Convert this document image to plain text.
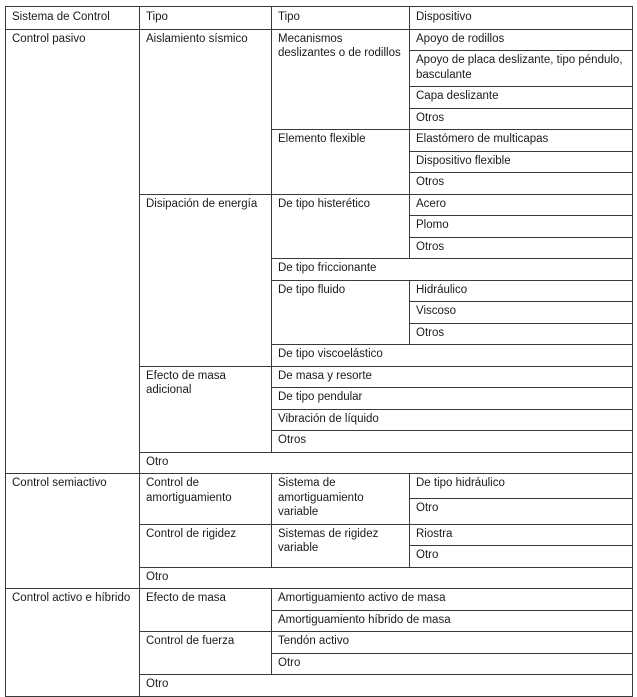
Sistema de Control	Tipo	Tipo	Dispositivo
Control pasivo	Aislamiento sísmico	Mecanismos deslizantes o de rodillos	Apoyo de rodillos
			Apoyo de placa deslizante, tipo péndulo, basculante
			Capa deslizante
			Otros
		Elemento flexible	Elastómero de multicapas
			Dispositivo flexible
			Otros
	Disipación de energía	De tipo histerético	Acero
			Plomo
			Otros
		De tipo friccionante	
		De tipo fluido	Hidráulico
			Viscoso
			Otros
		De tipo viscoelástico	
	Efecto de masa adicional	De masa y resorte	
		De tipo pendular	
		Vibración de líquido	
		Otros	
	Otro		
Control semiactivo	Control de amortiguamiento	Sistema de amortiguamiento variable	De tipo hidráulico
			Otro
	Control de rigidez	Sistemas de rigidez variable	Riostra
			Otro
	Otro		
Control activo e híbrido	Efecto de masa	Amortiguamiento activo de masa	
		Amortiguamiento híbrido de masa	
	Control de fuerza	Tendón activo	
		Otro	
	Otro		
